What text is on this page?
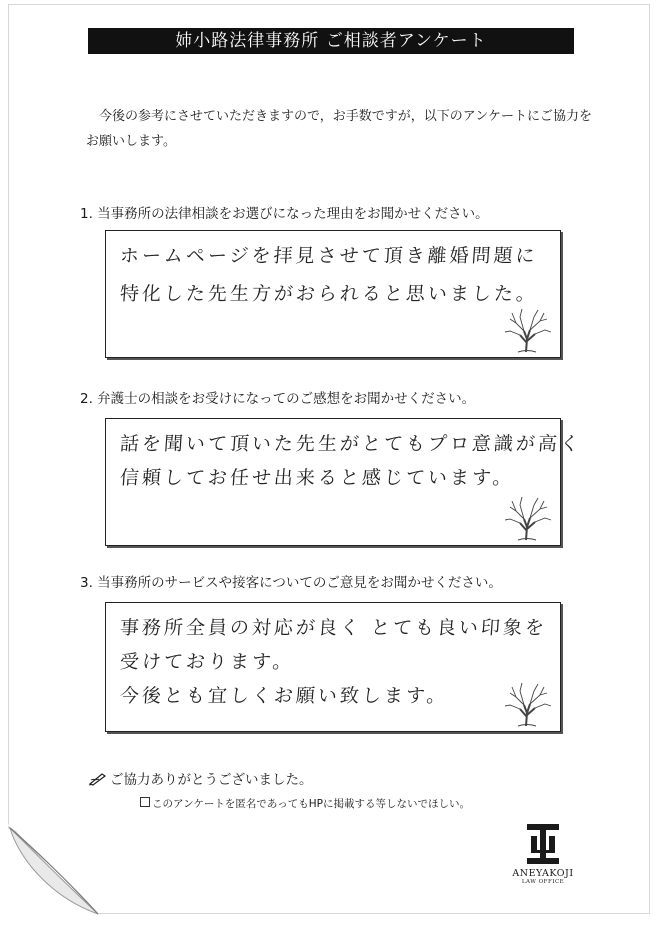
姉小路法律事務所 ご相談者アンケート
今後の参考にさせていただきますので，お手数ですが，以下のアンケートにご協力をお願いします。
1. 当事務所の法律相談をお選びになった理由をお聞かせください。
ホームページを拝見させて頂き離婚問題に
特化した先生方がおられると思いました。
2. 弁護士の相談をお受けになってのご感想をお聞かせください。
話を聞いて頂いた先生がとてもプロ意識が高く
信頼してお任せ出来ると感じています。
3. 当事務所のサービスや接客についてのご意見をお聞かせください。
事務所全員の対応が良く とても良い印象を
受けております。
今後とも宜しくお願い致します。
ご協力ありがとうございました。
このアンケートを匿名であってもHPに掲載する等しないでほしい。
ANEYAKOJI
LAW OFFICE
